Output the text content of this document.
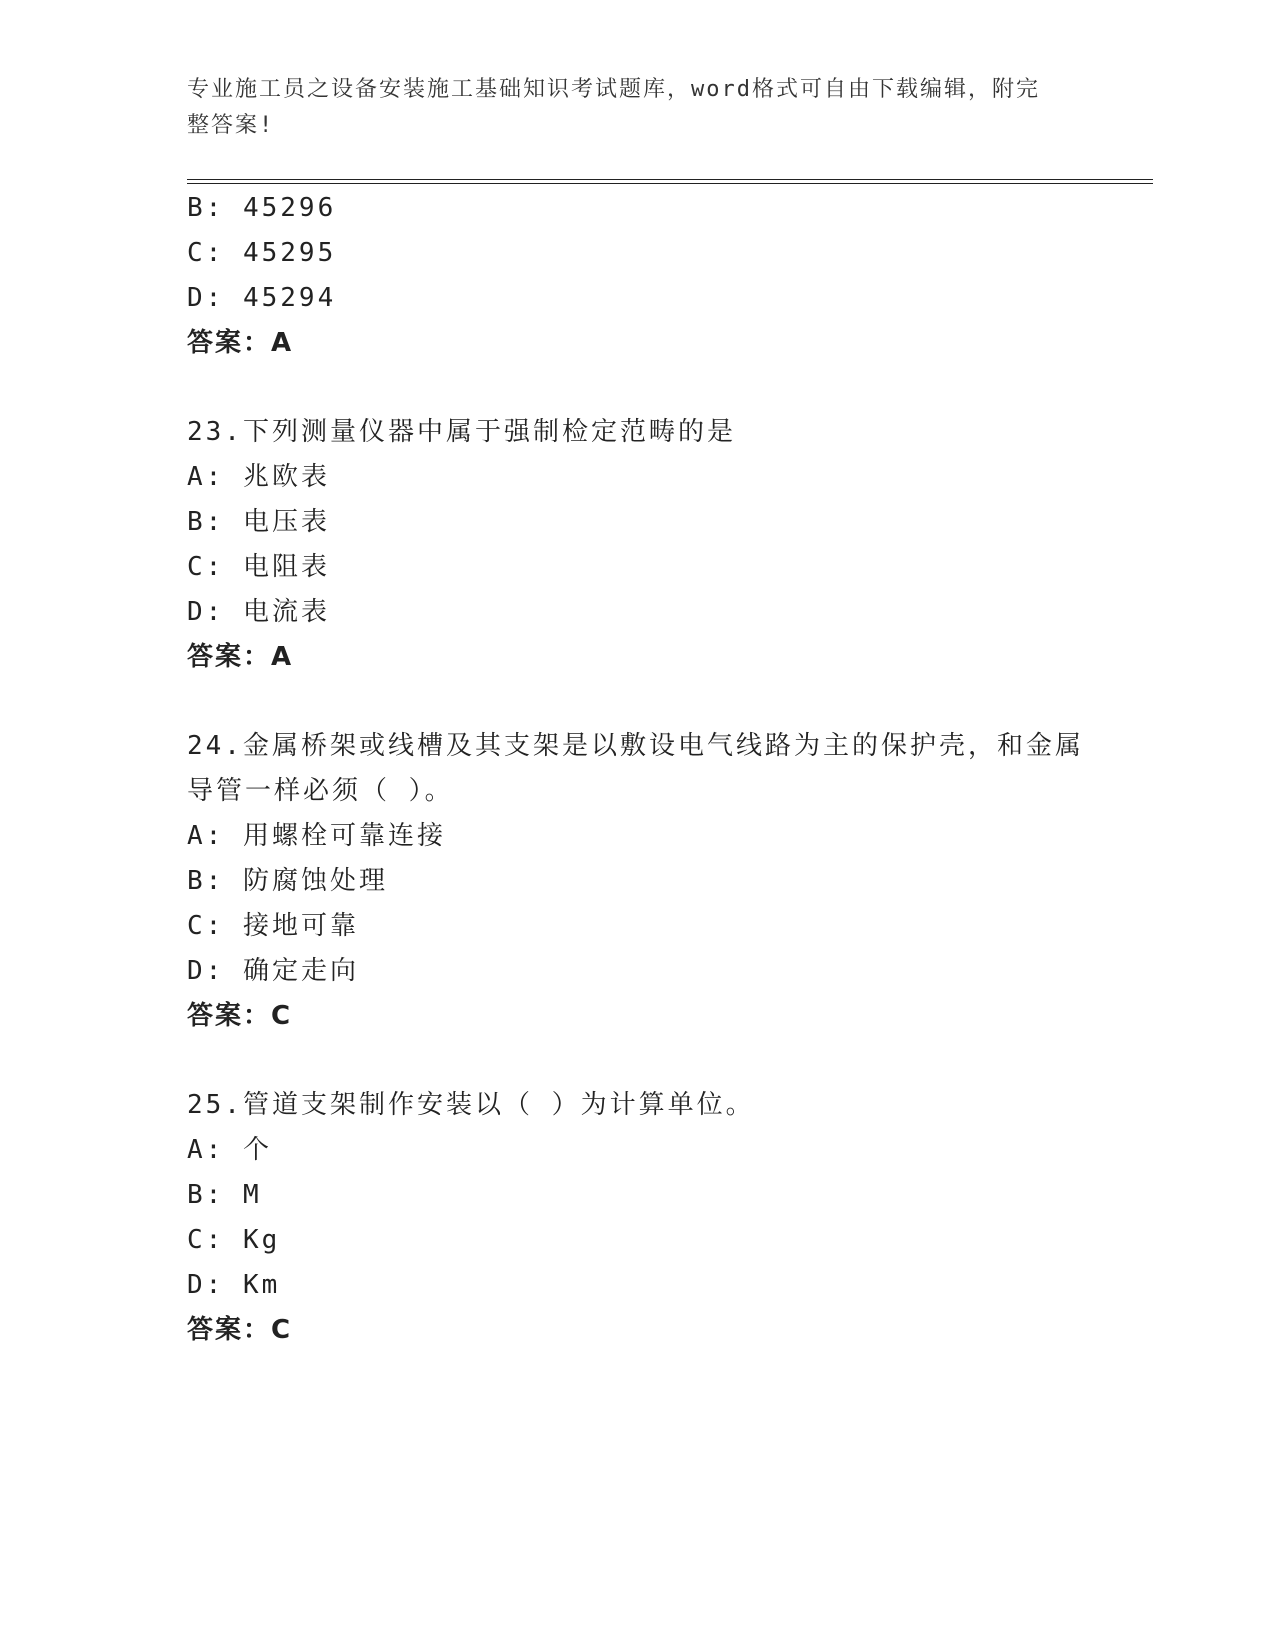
专业施工员之设备安装施工基础知识考试题库，word格式可自由下载编辑，附完
整答案!
B: 45296
C: 45295
D: 45294
答案：A
23.下列测量仪器中属于强制检定范畴的是
A: 兆欧表
B: 电压表
C: 电阻表
D: 电流表
答案：A
24.金属桥架或线槽及其支架是以敷设电气线路为主的保护壳，和金属
导管一样必须（ ）。
A: 用螺栓可靠连接
B: 防腐蚀处理
C: 接地可靠
D: 确定走向
答案：C
25.管道支架制作安装以（ ）为计算单位。
A: 个
B: M
C: Kg
D: Km
答案：C
